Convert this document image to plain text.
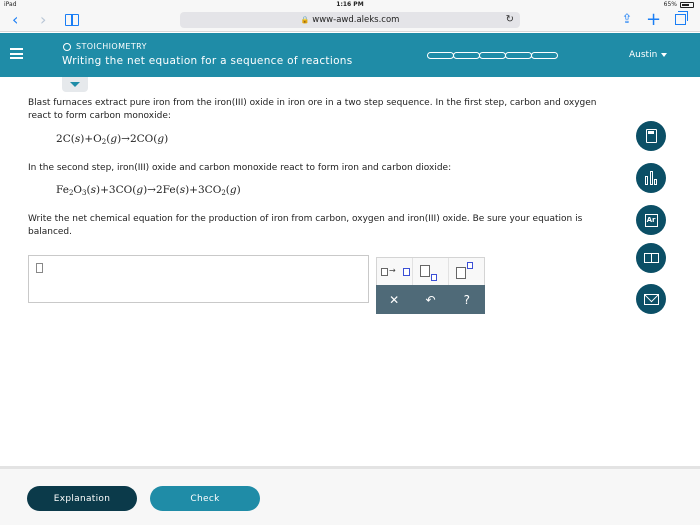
iPad	1:16 PM	65%
‹ ›	🔒 www-awd.aleks.com	↻	⇪ +
STOICHIOMETRY
Writing the net equation for a sequence of reactions	Austin
Blast furnaces extract pure iron from the iron(III) oxide in iron ore in a two step sequence. In the first step, carbon and oxygen react to form carbon monoxide:
$2C(s)+O_2(g)\to 2CO(g)$
In the second step, iron(III) oxide and carbon monoxide react to form iron and carbon dioxide:
$Fe_2O_3(s)+3CO(g)\to 2Fe(s)+3CO_2(g)$
Write the net chemical equation for the production of iron from carbon, oxygen and iron(III) oxide. Be sure your equation is balanced.
→
✕	↶	?
Ar
Explanation	Check
